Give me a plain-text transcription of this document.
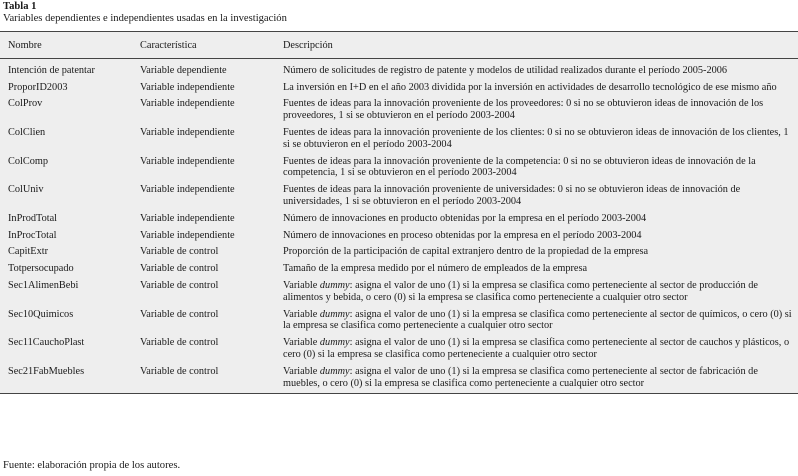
Tabla 1
Variables dependientes e independientes usadas en la investigación
Nombre	Característica	Descripción
Intención de patentar	Variable dependiente	Número de solicitudes de registro de patente y modelos de utilidad realizados durante el período 2005-2006
ProporID2003	Variable independiente	La inversión en I+D en el año 2003 dividida por la inversión en actividades de desarrollo tecnológico de ese mismo año
ColProv	Variable independiente	Fuentes de ideas para la innovación proveniente de los proveedores: 0 si no se obtuvieron ideas de innovación de los proveedores, 1 si se obtuvieron en el período 2003-2004
ColClien	Variable independiente	Fuentes de ideas para la innovación proveniente de los clientes: 0 si no se obtuvieron ideas de innovación de los clientes, 1 si se obtuvieron en el período 2003-2004
ColComp	Variable independiente	Fuentes de ideas para la innovación proveniente de la competencia: 0 si no se obtuvieron ideas de innovación de la competencia, 1 si se obtuvieron en el período 2003-2004
ColUniv	Variable independiente	Fuentes de ideas para la innovación proveniente de universidades: 0 si no se obtuvieron ideas de innovación de universidades, 1 si se obtuvieron en el período 2003-2004
InProdTotal	Variable independiente	Número de innovaciones en producto obtenidas por la empresa en el período 2003-2004
InProcTotal	Variable independiente	Número de innovaciones en proceso obtenidas por la empresa en el período 2003-2004
CapitExtr	Variable de control	Proporción de la participación de capital extranjero dentro de la propiedad de la empresa
Totpersocupado	Variable de control	Tamaño de la empresa medido por el número de empleados de la empresa
Sec1AlimenBebi	Variable de control	Variable dummy: asigna el valor de uno (1) si la empresa se clasifica como perteneciente al sector de producción de alimentos y bebida, o cero (0) si la empresa se clasifica como perteneciente a cualquier otro sector
Sec10Quimicos	Variable de control	Variable dummy: asigna el valor de uno (1) si la empresa se clasifica como perteneciente al sector de químicos, o cero (0) si la empresa se clasifica como perteneciente a cualquier otro sector
Sec11CauchoPlast	Variable de control	Variable dummy: asigna el valor de uno (1) si la empresa se clasifica como perteneciente al sector de cauchos y plásticos, o cero (0) si la empresa se clasifica como perteneciente a cualquier otro sector
Sec21FabMuebles	Variable de control	Variable dummy: asigna el valor de uno (1) si la empresa se clasifica como perteneciente al sector de fabricación de muebles, o cero (0) si la empresa se clasifica como perteneciente a cualquier otro sector
Fuente: elaboración propia de los autores.
